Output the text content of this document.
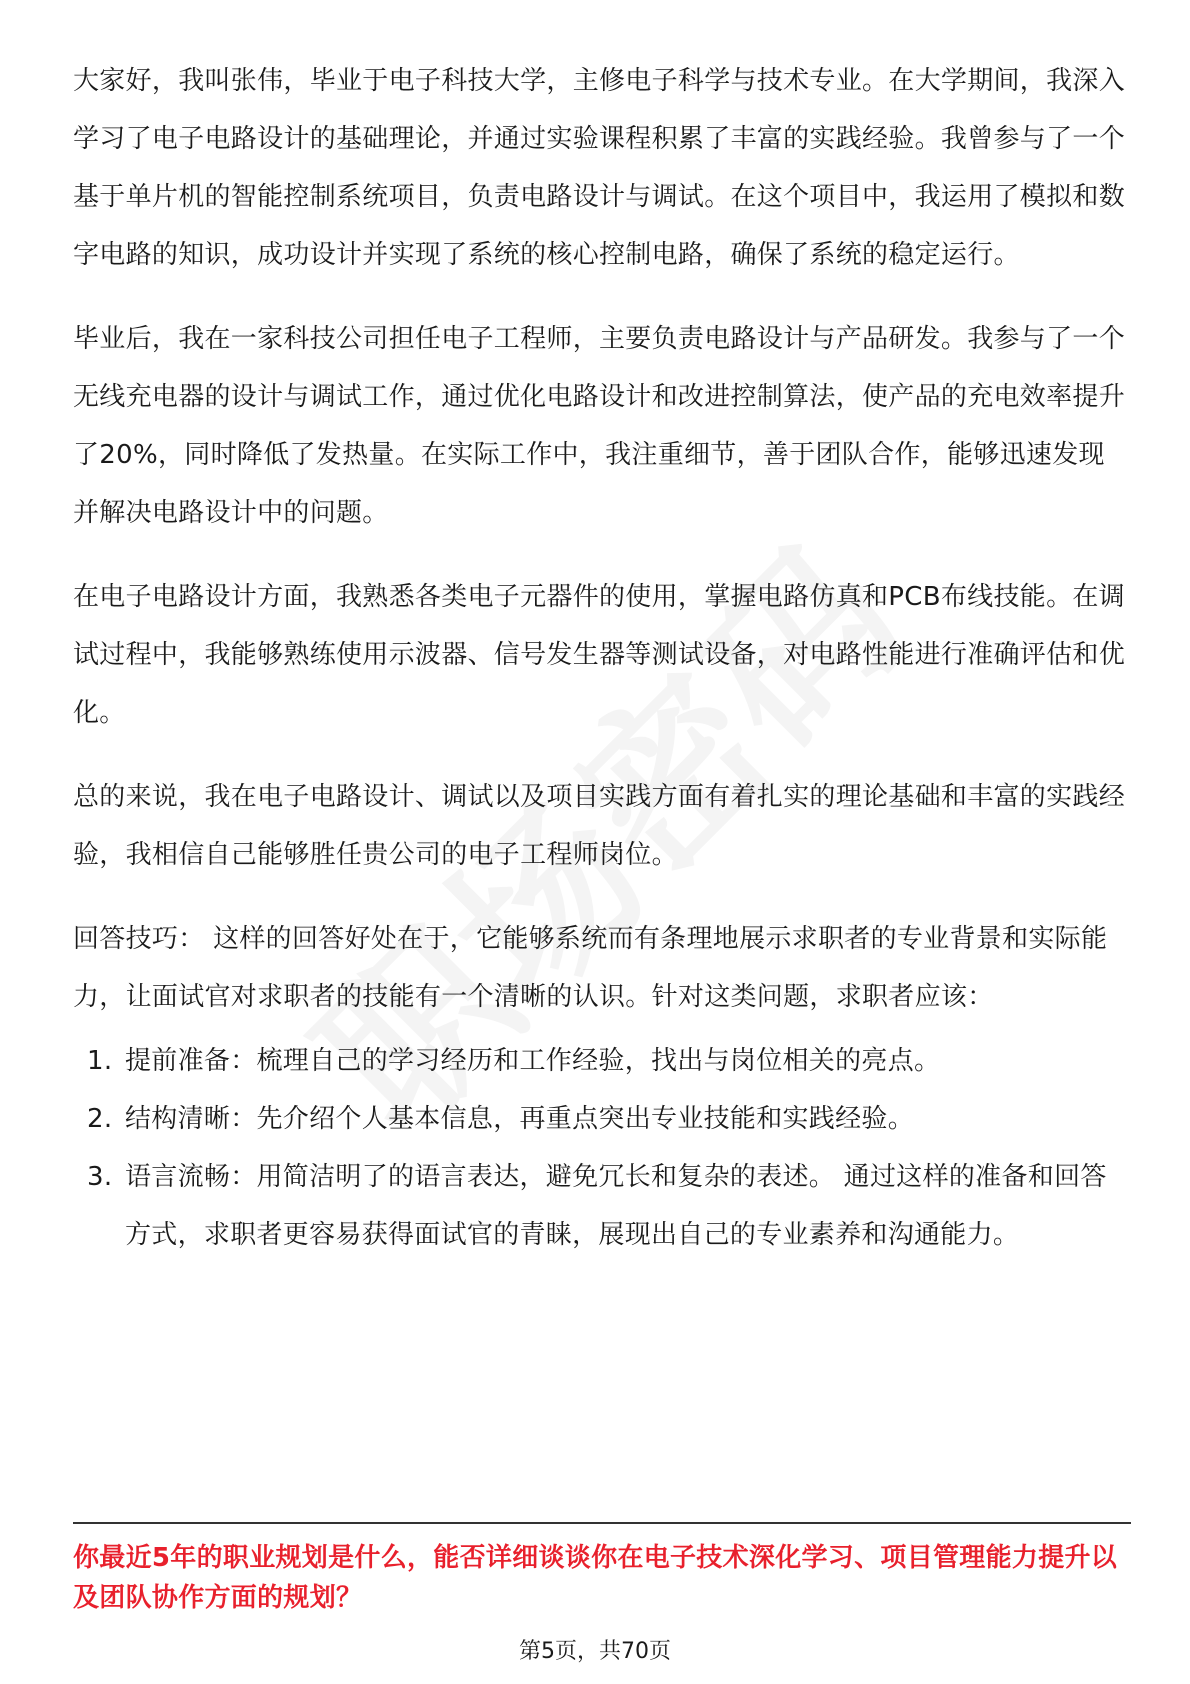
大家好，我叫张伟，毕业于电子科技大学，主修电子科学与技术专业。在大学期间，我深入学习了电子电路设计的基础理论，并通过实验课程积累了丰富的实践经验。我曾参与了一个基于单片机的智能控制系统项目，负责电路设计与调试。在这个项目中，我运用了模拟和数字电路的知识，成功设计并实现了系统的核心控制电路，确保了系统的稳定运行。

毕业后，我在一家科技公司担任电子工程师，主要负责电路设计与产品研发。我参与了一个无线充电器的设计与调试工作，通过优化电路设计和改进控制算法，使产品的充电效率提升了20%，同时降低了发热量。在实际工作中，我注重细节，善于团队合作，能够迅速发现并解决电路设计中的问题。

在电子电路设计方面，我熟悉各类电子元器件的使用，掌握电路仿真和PCB布线技能。在调试过程中，我能够熟练使用示波器、信号发生器等测试设备，对电路性能进行准确评估和优化。

总的来说，我在电子电路设计、调试以及项目实践方面有着扎实的理论基础和丰富的实践经验，我相信自己能够胜任贵公司的电子工程师岗位。

回答技巧： 这样的回答好处在于，它能够系统而有条理地展示求职者的专业背景和实际能力，让面试官对求职者的技能有一个清晰的认识。针对这类问题，求职者应该：

1. 提前准备：梳理自己的学习经历和工作经验，找出与岗位相关的亮点。
2. 结构清晰：先介绍个人基本信息，再重点突出专业技能和实践经验。
3. 语言流畅：用简洁明了的语言表达，避免冗长和复杂的表述。 通过这样的准备和回答方式，求职者更容易获得面试官的青睐，展现出自己的专业素养和沟通能力。

你最近5年的职业规划是什么，能否详细谈谈你在电子技术深化学习、项目管理能力提升以及团队协作方面的规划？

第5页，共70页
